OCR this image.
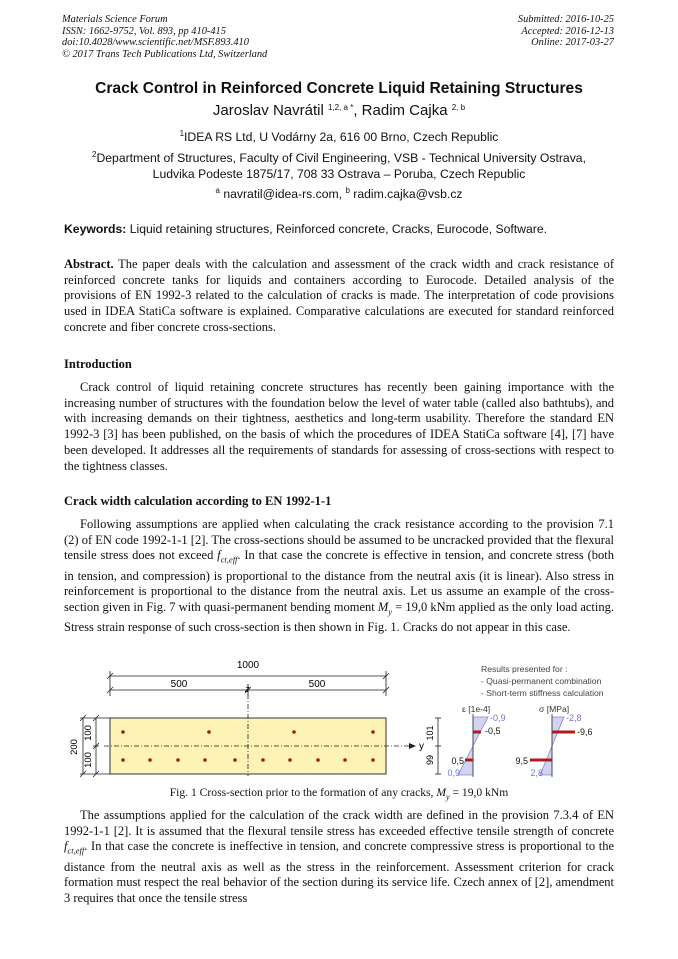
Materials Science Forum
ISSN: 1662-9752, Vol. 893, pp 410-415
doi:10.4028/www.scientific.net/MSF.893.410
© 2017 Trans Tech Publications Ltd, Switzerland
Submitted: 2016-10-25
Accepted: 2016-12-13
Online: 2017-03-27
Crack Control in Reinforced Concrete Liquid Retaining Structures
Jaroslav Navrátil $^{1,2, a *}$, Radim Cajka $^{2, b}$
$^1$IDEA RS Ltd, U Vodárny 2a, 616 00 Brno, Czech Republic
$^2$Department of Structures, Faculty of Civil Engineering, VSB - Technical University Ostrava,
Ludvika Podeste 1875/17, 708 33 Ostrava – Poruba, Czech Republic
$^a$ navratil@idea-rs.com, $^b$ radim.cajka@vsb.cz
Keywords: Liquid retaining structures, Reinforced concrete, Cracks, Eurocode, Software.
Abstract. The paper deals with the calculation and assessment of the crack width and crack resistance of reinforced concrete tanks for liquids and containers according to Eurocode. Detailed analysis of the provisions of EN 1992-3 related to the calculation of cracks is made. The interpretation of code provisions used in IDEA StatiCa software is explained. Comparative calculations are executed for standard reinforced concrete and fiber concrete cross-sections.
Introduction
Crack control of liquid retaining concrete structures has recently been gaining importance with the increasing number of structures with the foundation below the level of water table (called also bathtubs), and with increasing demands on their tightness, aesthetics and long-term usability. Therefore the standard EN 1992-3 [3] has been published, on the basis of which the procedures of IDEA StatiCa software [4], [7] have been developed. It addresses all the requirements of standards for assessing of cross-sections with respect to the tightness classes.
Crack width calculation according to EN 1992-1-1
Following assumptions are applied when calculating the crack resistance according to the provision 7.1 (2) of EN code 1992-1-1 [2]. The cross-sections should be assumed to be uncracked provided that the flexural tensile stress does not exceed $f_{ct,eff}$. In that case the concrete is effective in tension, and concrete stress (both in tension, and compression) is proportional to the distance from the neutral axis (it is linear). Also stress in reinforcement is proportional to the distance from the neutral axis. Let us assume an example of the cross-section given in Fig. 7 with quasi-permanent bending moment $M_y = 19,0$ kNm applied as the only load acting. Stress strain response of such cross-section is then shown in Fig. 1. Cracks do not appear in this case.
1000
500	500
z
y
200
100
100
101
99
Results presented for :
- Quasi-permanent combination
- Short-term stiffness calculation
ε [1e-4]	σ [MPa]
-0,9
-0,5
0,5
0,9
-2,8
-9,6
9,5
2,8
Fig. 1 Cross-section prior to the formation of any cracks, $M_y = 19,0$ kNm
The assumptions applied for the calculation of the crack width are defined in the provision 7.3.4 of EN 1992-1-1 [2]. It is assumed that the flexural tensile stress has exceeded effective tensile strength of concrete $f_{ct,eff}$. In that case the concrete is ineffective in tension, and concrete compressive stress is proportional to the distance from the neutral axis as well as the stress in the reinforcement. Assessment criterion for crack formation must respect the real behavior of the section during its service life. Czech annex of [2], amendment 3 requires that once the tensile stress
